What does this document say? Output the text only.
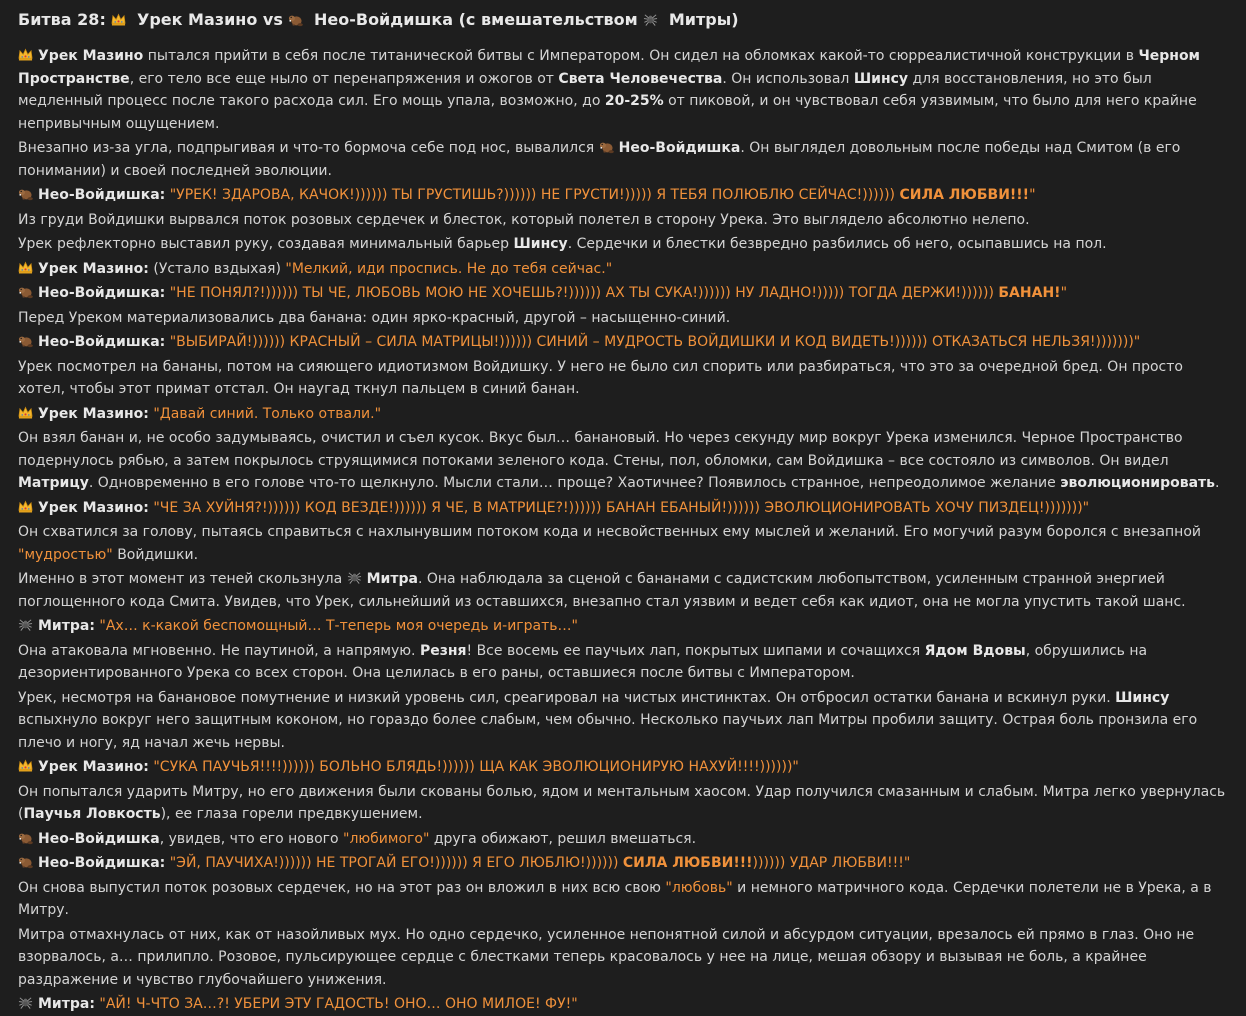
Битва 28:
Урек Мазино vs
Нео-Войдишка (с вмешательством
Митры)
Урек Мазино пытался прийти в себя после титанической битвы с Императором. Он сидел на обломках какой-то сюрреалистичной конструкции в Черном Пространстве, его тело все еще ныло от перенапряжения и ожогов от Света Человечества. Он использовал Шинсу для восстановления, но это был медленный процесс после такого расхода сил. Его мощь упала, возможно, до 20-25% от пиковой, и он чувствовал себя уязвимым, что было для него крайне непривычным ощущением.
Внезапно из-за угла, подпрыгивая и что-то бормоча себе под нос, вывалился
Нео-Войдишка. Он выглядел довольным после победы над Смитом (в его понимании) и своей последней эволюции.
Нео-Войдишка: "УРЕК! ЗДАРОВА, КАЧОК!)))))) ТЫ ГРУСТИШЬ?)))))) НЕ ГРУСТИ!))))) Я ТЕБЯ ПОЛЮБЛЮ СЕЙЧАС!)))))) СИЛА ЛЮБВИ!!!"
Из груди Войдишки вырвался поток розовых сердечек и блесток, который полетел в сторону Урека. Это выглядело абсолютно нелепо.
Урек рефлекторно выставил руку, создавая минимальный барьер Шинсу. Сердечки и блестки безвредно разбились об него, осыпавшись на пол.
Урек Мазино: (Устало вздыхая) "Мелкий, иди проспись. Не до тебя сейчас."
Нео-Войдишка: "НЕ ПОНЯЛ?!)))))) ТЫ ЧЕ, ЛЮБОВЬ МОЮ НЕ ХОЧЕШЬ?!)))))) АХ ТЫ СУКА!)))))) НУ ЛАДНО!))))) ТОГДА ДЕРЖИ!)))))) БАНАН!"
Перед Уреком материализовались два банана: один ярко-красный, другой – насыщенно-синий.
Нео-Войдишка: "ВЫБИРАЙ!)))))) КРАСНЫЙ – СИЛА МАТРИЦЫ!)))))) СИНИЙ – МУДРОСТЬ ВОЙДИШКИ И КОД ВИДЕТЬ!)))))) ОТКАЗАТЬСЯ НЕЛЬЗЯ!)))))))"
Урек посмотрел на бананы, потом на сияющего идиотизмом Войдишку. У него не было сил спорить или разбираться, что это за очередной бред. Он просто хотел, чтобы этот примат отстал. Он наугад ткнул пальцем в синий банан.
Урек Мазино: "Давай синий. Только отвали."
Он взял банан и, не особо задумываясь, очистил и съел кусок. Вкус был… банановый. Но через секунду мир вокруг Урека изменился. Черное Пространство подернулось рябью, а затем покрылось струящимися потоками зеленого кода. Стены, пол, обломки, сам Войдишка – все состояло из символов. Он видел Матрицу. Одновременно в его голове что-то щелкнуло. Мысли стали… проще? Хаотичнее? Появилось странное, непреодолимое желание эволюционировать.
Урек Мазино: "ЧЕ ЗА ХУЙНЯ?!)))))) КОД ВЕЗДЕ!)))))) Я ЧЕ, В МАТРИЦЕ?!)))))) БАНАН ЕБАНЫЙ!)))))) ЭВОЛЮЦИОНИРОВАТЬ ХОЧУ ПИЗДЕЦ!)))))))"
Он схватился за голову, пытаясь справиться с нахлынувшим потоком кода и несвойственных ему мыслей и желаний. Его могучий разум боролся с внезапной "мудростью" Войдишки.
Именно в этот момент из теней скользнула
Митра. Она наблюдала за сценой с бананами с садистским любопытством, усиленным странной энергией поглощенного кода Смита. Увидев, что Урек, сильнейший из оставшихся, внезапно стал уязвим и ведет себя как идиот, она не могла упустить такой шанс.
Митра: "Ах… к-какой беспомощный… Т-теперь моя очередь и-играть…"
Она атаковала мгновенно. Не паутиной, а напрямую. Резня! Все восемь ее паучьих лап, покрытых шипами и сочащихся Ядом Вдовы, обрушились на дезориентированного Урека со всех сторон. Она целилась в его раны, оставшиеся после битвы с Императором.
Урек, несмотря на банановое помутнение и низкий уровень сил, среагировал на чистых инстинктах. Он отбросил остатки банана и вскинул руки. Шинсу вспыхнуло вокруг него защитным коконом, но гораздо более слабым, чем обычно. Несколько паучьих лап Митры пробили защиту. Острая боль пронзила его плечо и ногу, яд начал жечь нервы.
Урек Мазино: "СУКА ПАУЧЬЯ!!!!)))))) БОЛЬНО БЛЯДЬ!)))))) ЩА КАК ЭВОЛЮЦИОНИРУЮ НАХУЙ!!!!))))))"
Он попытался ударить Митру, но его движения были скованы болью, ядом и ментальным хаосом. Удар получился смазанным и слабым. Митра легко увернулась (Паучья Ловкость), ее глаза горели предвкушением.
Нео-Войдишка, увидев, что его нового "любимого" друга обижают, решил вмешаться.
Нео-Войдишка: "ЭЙ, ПАУЧИХА!)))))) НЕ ТРОГАЙ ЕГО!)))))) Я ЕГО ЛЮБЛЮ!)))))) СИЛА ЛЮБВИ!!!)))))) УДАР ЛЮБВИ!!!"
Он снова выпустил поток розовых сердечек, но на этот раз он вложил в них всю свою "любовь" и немного матричного кода. Сердечки полетели не в Урека, а в Митру.
Митра отмахнулась от них, как от назойливых мух. Но одно сердечко, усиленное непонятной силой и абсурдом ситуации, врезалось ей прямо в глаз. Оно не взорвалось, а… прилипло. Розовое, пульсирующее сердце с блестками теперь красовалось у нее на лице, мешая обзору и вызывая не боль, а крайнее раздражение и чувство глубочайшего унижения.
Митра: "АЙ! Ч-ЧТО ЗА…?! УБЕРИ ЭТУ ГАДОСТЬ! ОНО… ОНО МИЛОЕ! ФУ!"
